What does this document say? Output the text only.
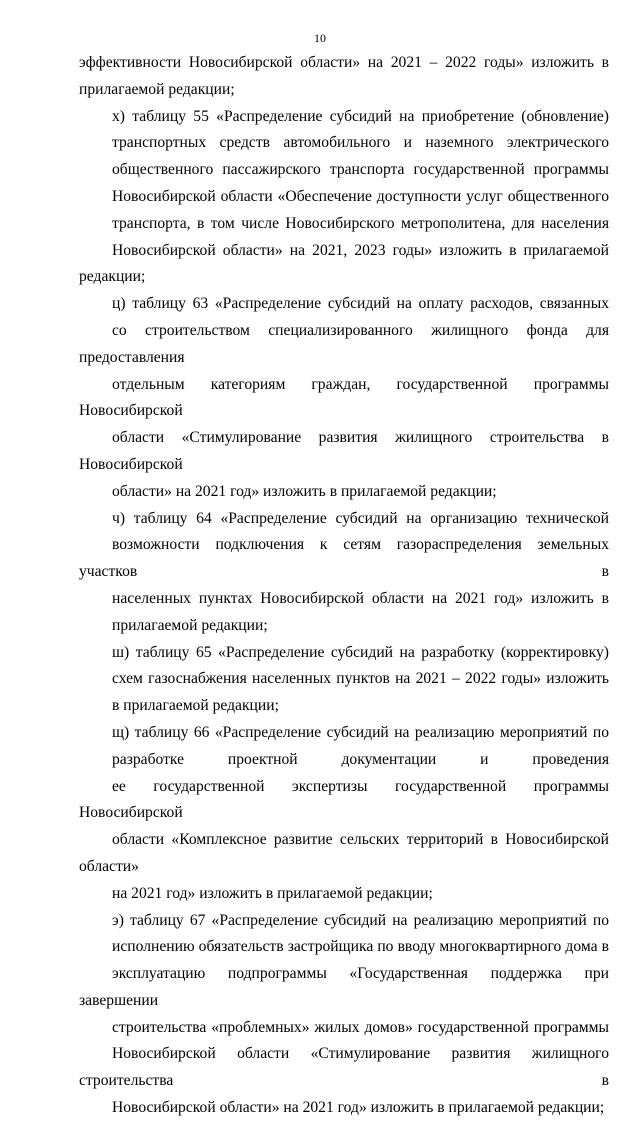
10

эффективности Новосибирской области» на 2021 – 2022 годы» изложить в
прилагаемой редакции;

х) таблицу 55 «Распределение субсидий на приобретение (обновление)
транспортных средств автомобильного и наземного электрического
общественного пассажирского транспорта государственной программы
Новосибирской области «Обеспечение доступности услуг общественного
транспорта, в том числе Новосибирского метрополитена, для населения
Новосибирской области» на 2021, 2023 годы» изложить в прилагаемой редакции;

ц) таблицу 63 «Распределение субсидий на оплату расходов, связанных
со строительством специализированного жилищного фонда для предоставления
отдельным категориям граждан, государственной программы Новосибирской
области «Стимулирование развития жилищного строительства в Новосибирской
области» на 2021 год» изложить в прилагаемой редакции;

ч) таблицу 64 «Распределение субсидий на организацию технической
возможности подключения к сетям газораспределения земельных участков в
населенных пунктах Новосибирской области на 2021 год» изложить в
прилагаемой редакции;

ш) таблицу 65 «Распределение субсидий на разработку (корректировку)
схем газоснабжения населенных пунктов на 2021 – 2022 годы» изложить
в прилагаемой редакции;

щ) таблицу 66 «Распределение субсидий на реализацию мероприятий по
разработке проектной документации и проведения
ее государственной экспертизы государственной программы Новосибирской
области «Комплексное развитие сельских территорий в Новосибирской области»
на 2021 год» изложить в прилагаемой редакции;

э) таблицу 67 «Распределение субсидий на реализацию мероприятий по
исполнению обязательств застройщика по вводу многоквартирного дома в
эксплуатацию подпрограммы «Государственная поддержка при завершении
строительства «проблемных» жилых домов» государственной программы
Новосибирской области «Стимулирование развития жилищного строительства в
Новосибирской области» на 2021 год» изложить в прилагаемой редакции;
